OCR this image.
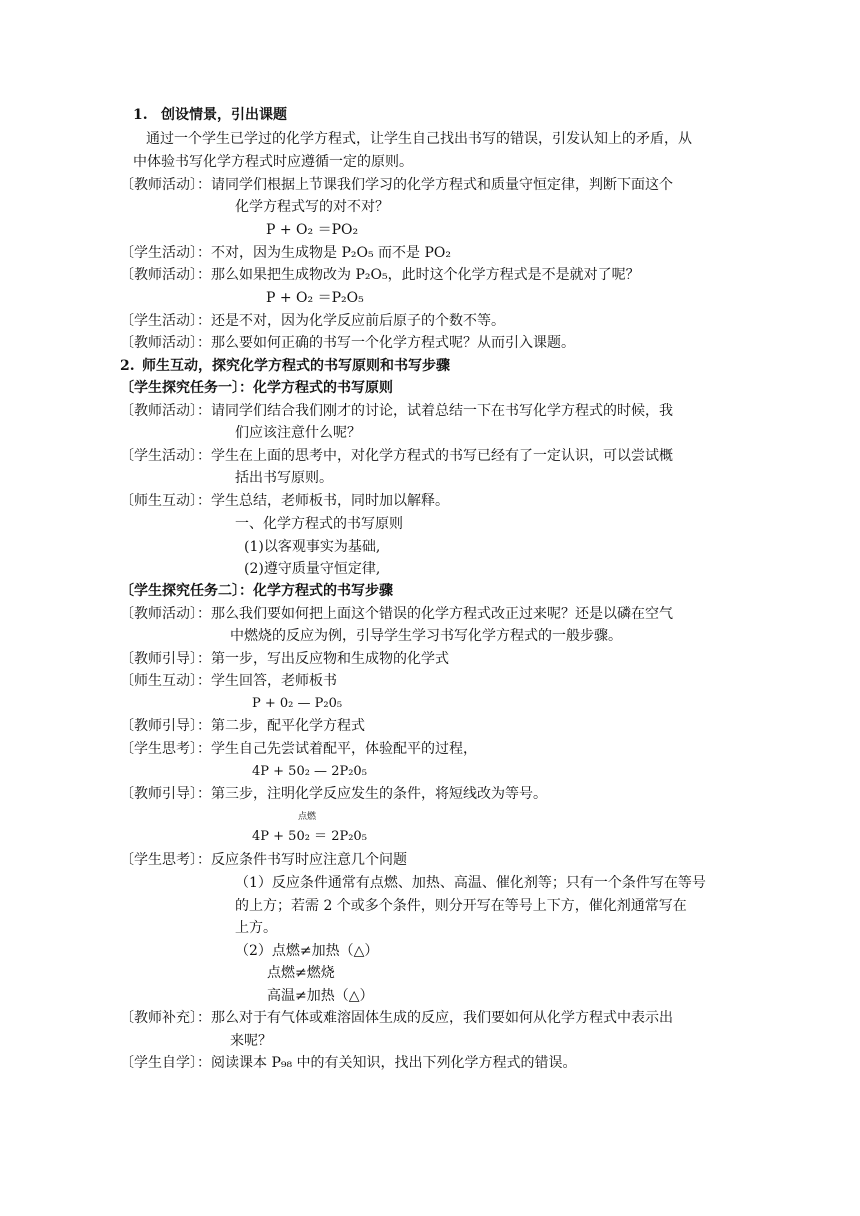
1. 创设情景，引出课题
通过一个学生已学过的化学方程式，让学生自己找出书写的错误，引发认知上的矛盾，从
中体验书写化学方程式时应遵循一定的原则。
〔教师活动〕：请同学们根据上节课我们学习的化学方程式和质量守恒定律，判断下面这个
化学方程式写的对不对？
P + O₂ ＝PO₂
〔学生活动〕：不对，因为生成物是 P₂O₅ 而不是 PO₂
〔教师活动〕：那么如果把生成物改为 P₂O₅，此时这个化学方程式是不是就对了呢？
P + O₂ ＝P₂O₅
〔学生活动〕：还是不对，因为化学反应前后原子的个数不等。
〔教师活动〕：那么要如何正确的书写一个化学方程式呢？从而引入课题。
2. 师生互动，探究化学方程式的书写原则和书写步骤
〔学生探究任务一〕：化学方程式的书写原则
〔教师活动〕：请同学们结合我们刚才的讨论，试着总结一下在书写化学方程式的时候，我
们应该注意什么呢？
〔学生活动〕：学生在上面的思考中，对化学方程式的书写已经有了一定认识，可以尝试概
括出书写原则。
〔师生互动〕：学生总结，老师板书，同时加以解释。
一、化学方程式的书写原则
(1)以客观事实为基础,
(2)遵守质量守恒定律,
〔学生探究任务二〕：化学方程式的书写步骤
〔教师活动〕：那么我们要如何把上面这个错误的化学方程式改正过来呢？还是以磷在空气
中燃烧的反应为例，引导学生学习书写化学方程式的一般步骤。
〔教师引导〕：第一步，写出反应物和生成物的化学式
〔师生互动〕：学生回答，老师板书
P + 0₂ — P₂0₅
〔教师引导〕：第二步，配平化学方程式
〔学生思考〕：学生自己先尝试着配平，体验配平的过程，
4P + 50₂ — 2P₂0₅
〔教师引导〕：第三步，注明化学反应发生的条件，将短线改为等号。
点燃
4P + 50₂ ＝ 2P₂0₅
〔学生思考〕：反应条件书写时应注意几个问题
（1）反应条件通常有点燃、加热、高温、催化剂等；只有一个条件写在等号
的上方；若需 2 个或多个条件，则分开写在等号上下方，催化剂通常写在
上方。
（2）点燃≠加热（△）
点燃≠燃烧
高温≠加热（△）
〔教师补充〕：那么对于有气体或难溶固体生成的反应，我们要如何从化学方程式中表示出
来呢？
〔学生自学〕：阅读课本 P₉₈ 中的有关知识，找出下列化学方程式的错误。
